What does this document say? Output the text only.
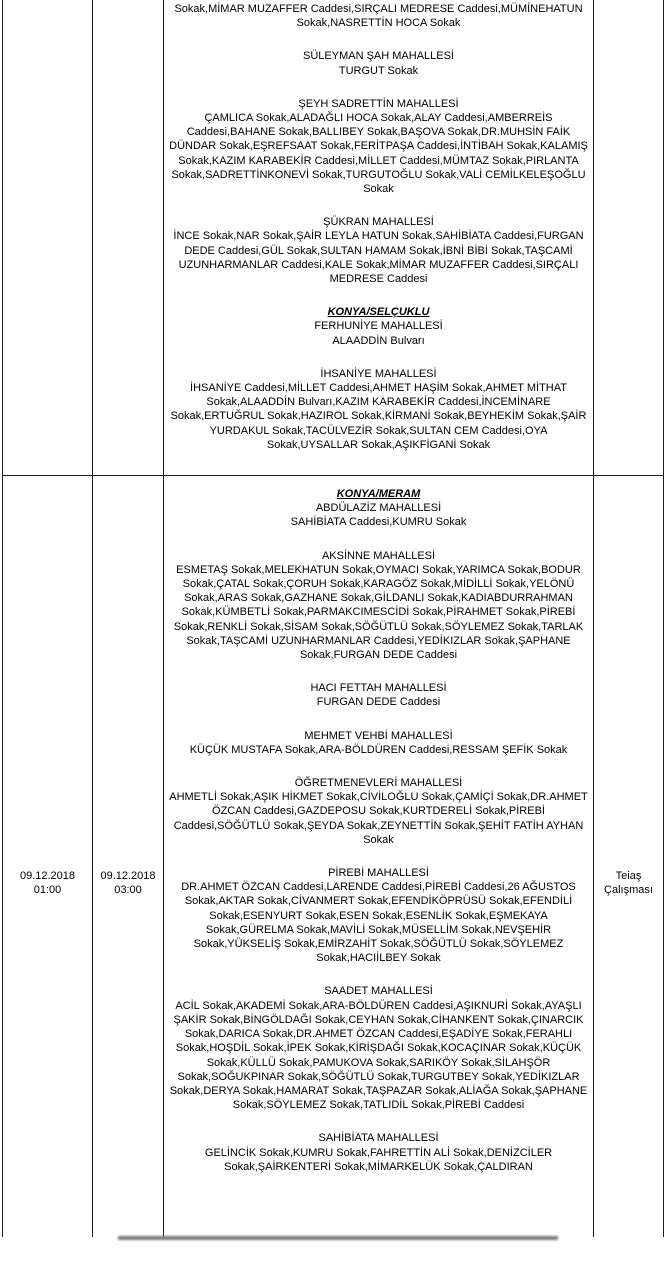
Sokak,MİMAR MUZAFFER Caddesi,SIRÇALI MEDRESE Caddesi,MÜMİNEHATUN Sokak,NASRETTİN HOCA Sokak
SÜLEYMAN ŞAH MAHALLESİ
TURGUT Sokak
ŞEYH SADRETTİN MAHALLESİ
ÇAMLICA Sokak,ALADAĞLI HOCA Sokak,ALAY Caddesi,AMBERREİS Caddesi,BAHANE Sokak,BALLIBEY Sokak,BAŞOVA Sokak,DR.MUHSİN FAİK DÜNDAR Sokak,EŞREFSAAT Sokak,FERİTPAŞA Caddesi,İNTİBAH Sokak,KALAMIŞ Sokak,KAZIM KARABEKİR Caddesi,MİLLET Caddesi,MÜMTAZ Sokak,PIRLANTA Sokak,SADRETTİNKONEVİ Sokak,TURGUTOĞLU Sokak,VALİ CEMİLKELEŞOĞLU Sokak
ŞÜKRAN MAHALLESİ
İNCE Sokak,NAR Sokak,ŞAİR LEYLA HATUN Sokak,SAHİBİATA Caddesi,FURGAN DEDE Caddesi,GÜL Sokak,SULTAN HAMAM Sokak,İBNİ BİBİ Sokak,TAŞCAMİ UZUNHARMANLAR Caddesi,KALE Sokak,MİMAR MUZAFFER Caddesi,SIRÇALI MEDRESE Caddesi
KONYA/SELÇUKLU
FERHUNİYE MAHALLESİ
ALAADDİN Bulvarı
İHSANİYE MAHALLESİ
İHSANİYE Caddesi,MİLLET Caddesi,AHMET HAŞİM Sokak,AHMET MİTHAT Sokak,ALAADDİN Bulvarı,KAZIM KARABEKİR Caddesi,İNCEMİNARE Sokak,ERTUĞRUL Sokak,HAZIROL Sokak,KİRMANİ Sokak,BEYHEKİM Sokak,ŞAİR YURDAKUL Sokak,TACÜLVEZİR Sokak,SULTAN CEM Caddesi,OYA Sokak,UYSALLAR Sokak,AŞIKFİGANİ Sokak
09.12.2018
01:00
09.12.2018
03:00
KONYA/MERAM
ABDÜLAZİZ MAHALLESİ
SAHİBİATA Caddesi,KUMRU Sokak
AKSİNNE MAHALLESİ
ESMETAŞ Sokak,MELEKHATUN Sokak,OYMACI Sokak,YARIMCA Sokak,BODUR Sokak,ÇATAL Sokak,ÇORUH Sokak,KARAGÖZ Sokak,MİDİLLİ Sokak,YELÖNÜ Sokak,ARAS Sokak,GAZHANE Sokak,GİLDANLI Sokak,KADIABDURRAHMAN Sokak,KÜMBETLİ Sokak,PARMAKCIMESCİDİ Sokak,PİRAHMET Sokak,PİREBİ Sokak,RENKLİ Sokak,SİSAM Sokak,SÖĞÜTLÜ Sokak,SÖYLEMEZ Sokak,TARLAK Sokak,TAŞCAMİ UZUNHARMANLAR Caddesi,YEDİKIZLAR Sokak,ŞAPHANE Sokak,FURGAN DEDE Caddesi
HACI FETTAH MAHALLESİ
FURGAN DEDE Caddesi
MEHMET VEHBİ MAHALLESİ
KÜÇÜK MUSTAFA Sokak,ARA-BÖLDÜREN Caddesi,RESSAM ŞEFİK Sokak
ÖĞRETMENEVLERİ MAHALLESİ
AHMETLİ Sokak,AŞIK HİKMET Sokak,CİVİLOĞLU Sokak,ÇAMİÇİ Sokak,DR.AHMET ÖZCAN Caddesi,GAZDEPOSU Sokak,KURTDERELİ Sokak,PİREBİ Caddesi,SÖĞÜTLÜ Sokak,ŞEYDA Sokak,ZEYNETTİN Sokak,ŞEHİT FATİH AYHAN Sokak
PİREBİ MAHALLESİ
DR.AHMET ÖZCAN Caddesi,LARENDE Caddesi,PİREBİ Caddesi,26 AĞUSTOS Sokak,AKTAR Sokak,CİVANMERT Sokak,EFENDİKÖPRÜSÜ Sokak,EFENDİLİ Sokak,ESENYURT Sokak,ESEN Sokak,ESENLİK Sokak,EŞMEKAYA Sokak,GÜRELMA Sokak,MAVİLİ Sokak,MÜSELLİM Sokak,NEVŞEHİR Sokak,YÜKSELİŞ Sokak,EMİRZAHİT Sokak,SÖĞÜTLÜ Sokak,SÖYLEMEZ Sokak,HACIİLBEY Sokak
SAADET MAHALLESİ
ACİL Sokak,AKADEMİ Sokak,ARA-BÖLDÜREN Caddesi,AŞIKNURİ Sokak,AYAŞLI ŞAKİR Sokak,BİNGÖLDAĞI Sokak,CEYHAN Sokak,CİHANKENT Sokak,ÇINARCIK Sokak,DARICA Sokak,DR.AHMET ÖZCAN Caddesi,EŞADİYE Sokak,FERAHLI Sokak,HOŞDİL Sokak,İPEK Sokak,KİRİŞDAĞI Sokak,KOCAÇINAR Sokak,KÜÇÜK Sokak,KÜLLÜ Sokak,PAMUKOVA Sokak,SARIKÖY Sokak,SİLAHŞÖR Sokak,SOĞUKPINAR Sokak,SÖĞÜTLÜ Sokak,TURGUTBEY Sokak,YEDİKIZLAR Sokak,DERYA Sokak,HAMARAT Sokak,TAŞPAZAR Sokak,ALİAĞA Sokak,ŞAPHANE Sokak,SÖYLEMEZ Sokak,TATLIDİL Sokak,PİREBİ Caddesi
SAHİBİATA MAHALLESİ
GELİNCİK Sokak,KUMRU Sokak,FAHRETTİN ALİ Sokak,DENİZCİLER Sokak,ŞAİRKENTERİ Sokak,MİMARKELÜK Sokak,ÇALDIRAN
Teiaş Çalışması
